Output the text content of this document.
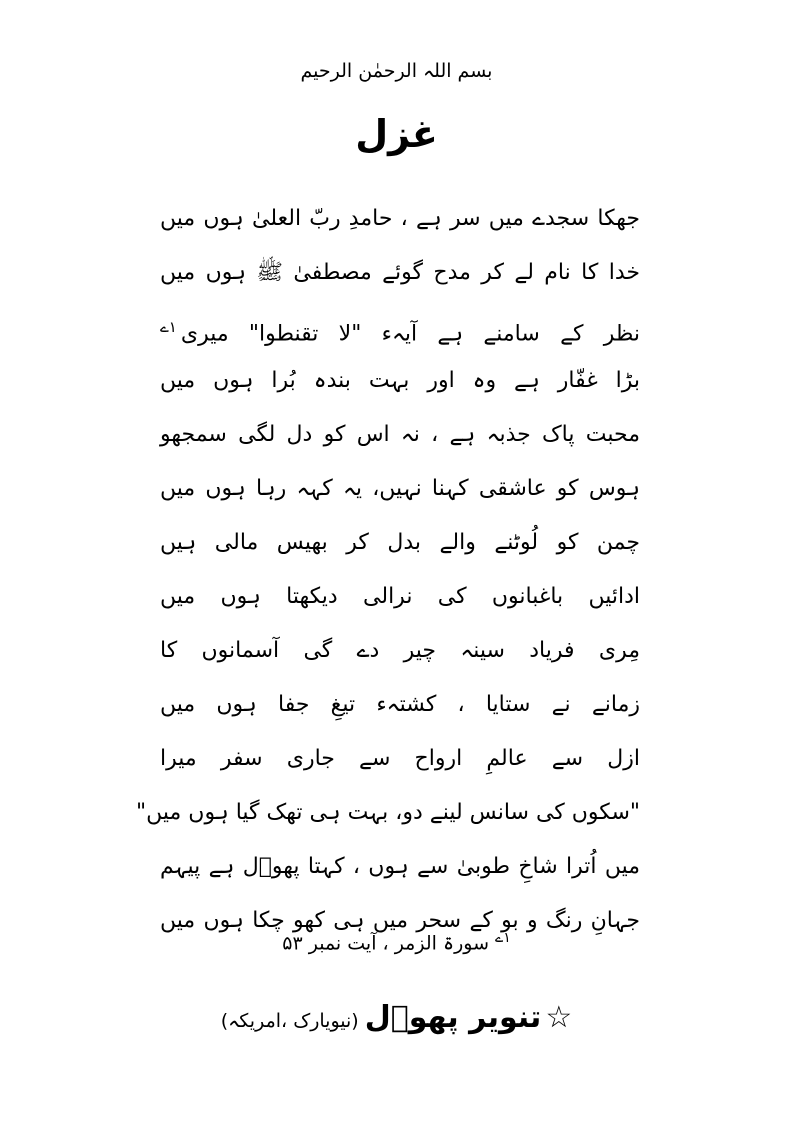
بسم اللہ الرحمٰن الرحیم
غزل
جھکا سجدے میں سر ہے ، حامدِ ربّ العلیٰ ہوں میں
خدا کا نام لے کر مدح گوئے مصطفیٰ ﷺ ہوں میں
نظر کے سامنے ہے آیہء "لا تقنطوا" میری$^{۱ے}$
بڑا غفّار ہے وہ اور بہت بندہ بُرا ہوں میں
محبت پاک جذبہ ہے ، نہ اس کو دل لگی سمجھو
ہوس کو عاشقی کہنا نہیں، یہ کہہ رہا ہوں میں
چمن کو لُوٹنے والے بدل کر بھیس مالی ہیں
ادائیں باغبانوں کی نرالی دیکھتا ہوں میں
مِری فریاد سینہ چیر دے گی آسمانوں کا
زمانے نے ستایا ، کشتہء تیغِ جفا ہوں میں
ازل سے عالمِ ارواح سے جاری سفر میرا
"سکوں کی سانس لینے دو، بہت ہی تھک گیا ہوں میں"
میں اُترا شاخِ طوبیٰ سے ہوں ، کہتا پھوؔل ہے پیہم
جہانِ رنگ و بو کے سحر میں ہی کھو چکا ہوں میں
$^{۱ے}$سورۃ الزمر ، آیت نمبر ۵۳
☆تنویر پھوؔل(نیویارک ،امریکہ)
